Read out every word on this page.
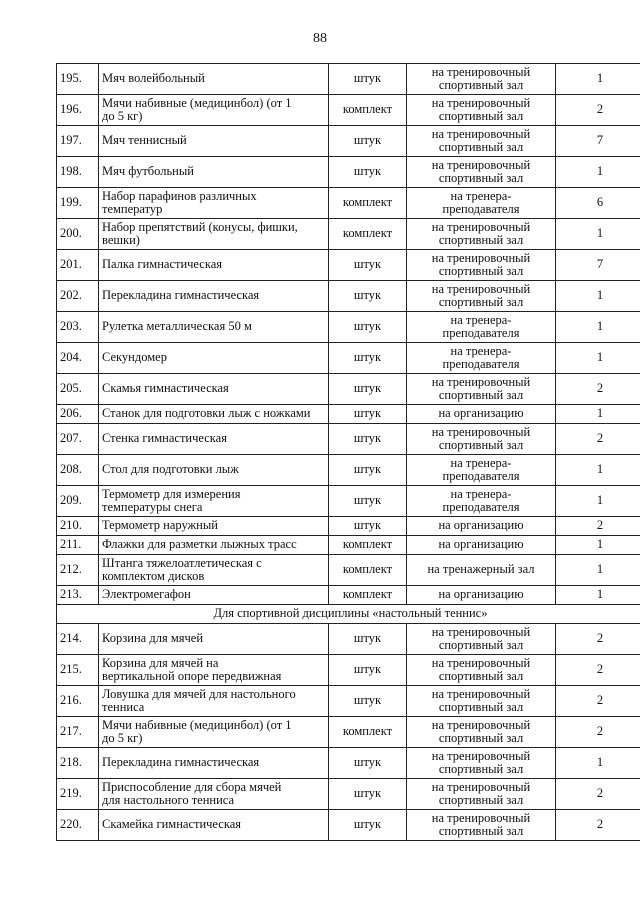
88
195.	Мяч волейбольный	штук	на тренировочный
спортивный зал	1
196.	Мячи набивные (медицинбол) (от 1 до 5 кг)	комплект	на тренировочный
спортивный зал	2
197.	Мяч теннисный	штук	на тренировочный
спортивный зал	7
198.	Мяч футбольный	штук	на тренировочный
спортивный зал	1
199.	Набор парафинов различных температур	комплект	на тренера-
преподавателя	6
200.	Набор препятствий (конусы, фишки, вешки)	комплект	на тренировочный
спортивный зал	1
201.	Палка гимнастическая	штук	на тренировочный
спортивный зал	7
202.	Перекладина гимнастическая	штук	на тренировочный
спортивный зал	1
203.	Рулетка металлическая 50 м	штук	на тренера-
преподавателя	1
204.	Секундомер	штук	на тренера-
преподавателя	1
205.	Скамья гимнастическая	штук	на тренировочный
спортивный зал	2
206.	Станок для подготовки лыж с ножками	штук	на организацию	1
207.	Стенка гимнастическая	штук	на тренировочный
спортивный зал	2
208.	Стол для подготовки лыж	штук	на тренера-
преподавателя	1
209.	Термометр для измерения температуры снега	штук	на тренера-
преподавателя	1
210.	Термометр наружный	штук	на организацию	2
211.	Флажки для разметки лыжных трасс	комплект	на организацию	1
212.	Штанга тяжелоатлетическая с комплектом дисков	комплект	на тренажерный зал	1
213.	Электромегафон	комплект	на организацию	1
Для спортивной дисциплины «настольный теннис»				
214.	Корзина для мячей	штук	на тренировочный
спортивный зал	2
215.	Корзина для мячей на вертикальной опоре передвижная	штук	на тренировочный
спортивный зал	2
216.	Ловушка для мячей для настольного тенниса	штук	на тренировочный
спортивный зал	2
217.	Мячи набивные (медицинбол) (от 1 до 5 кг)	комплект	на тренировочный
спортивный зал	2
218.	Перекладина гимнастическая	штук	на тренировочный
спортивный зал	1
219.	Приспособление для сбора мячей для настольного тенниса	штук	на тренировочный
спортивный зал	2
220.	Скамейка гимнастическая	штук	на тренировочный
спортивный зал	2
